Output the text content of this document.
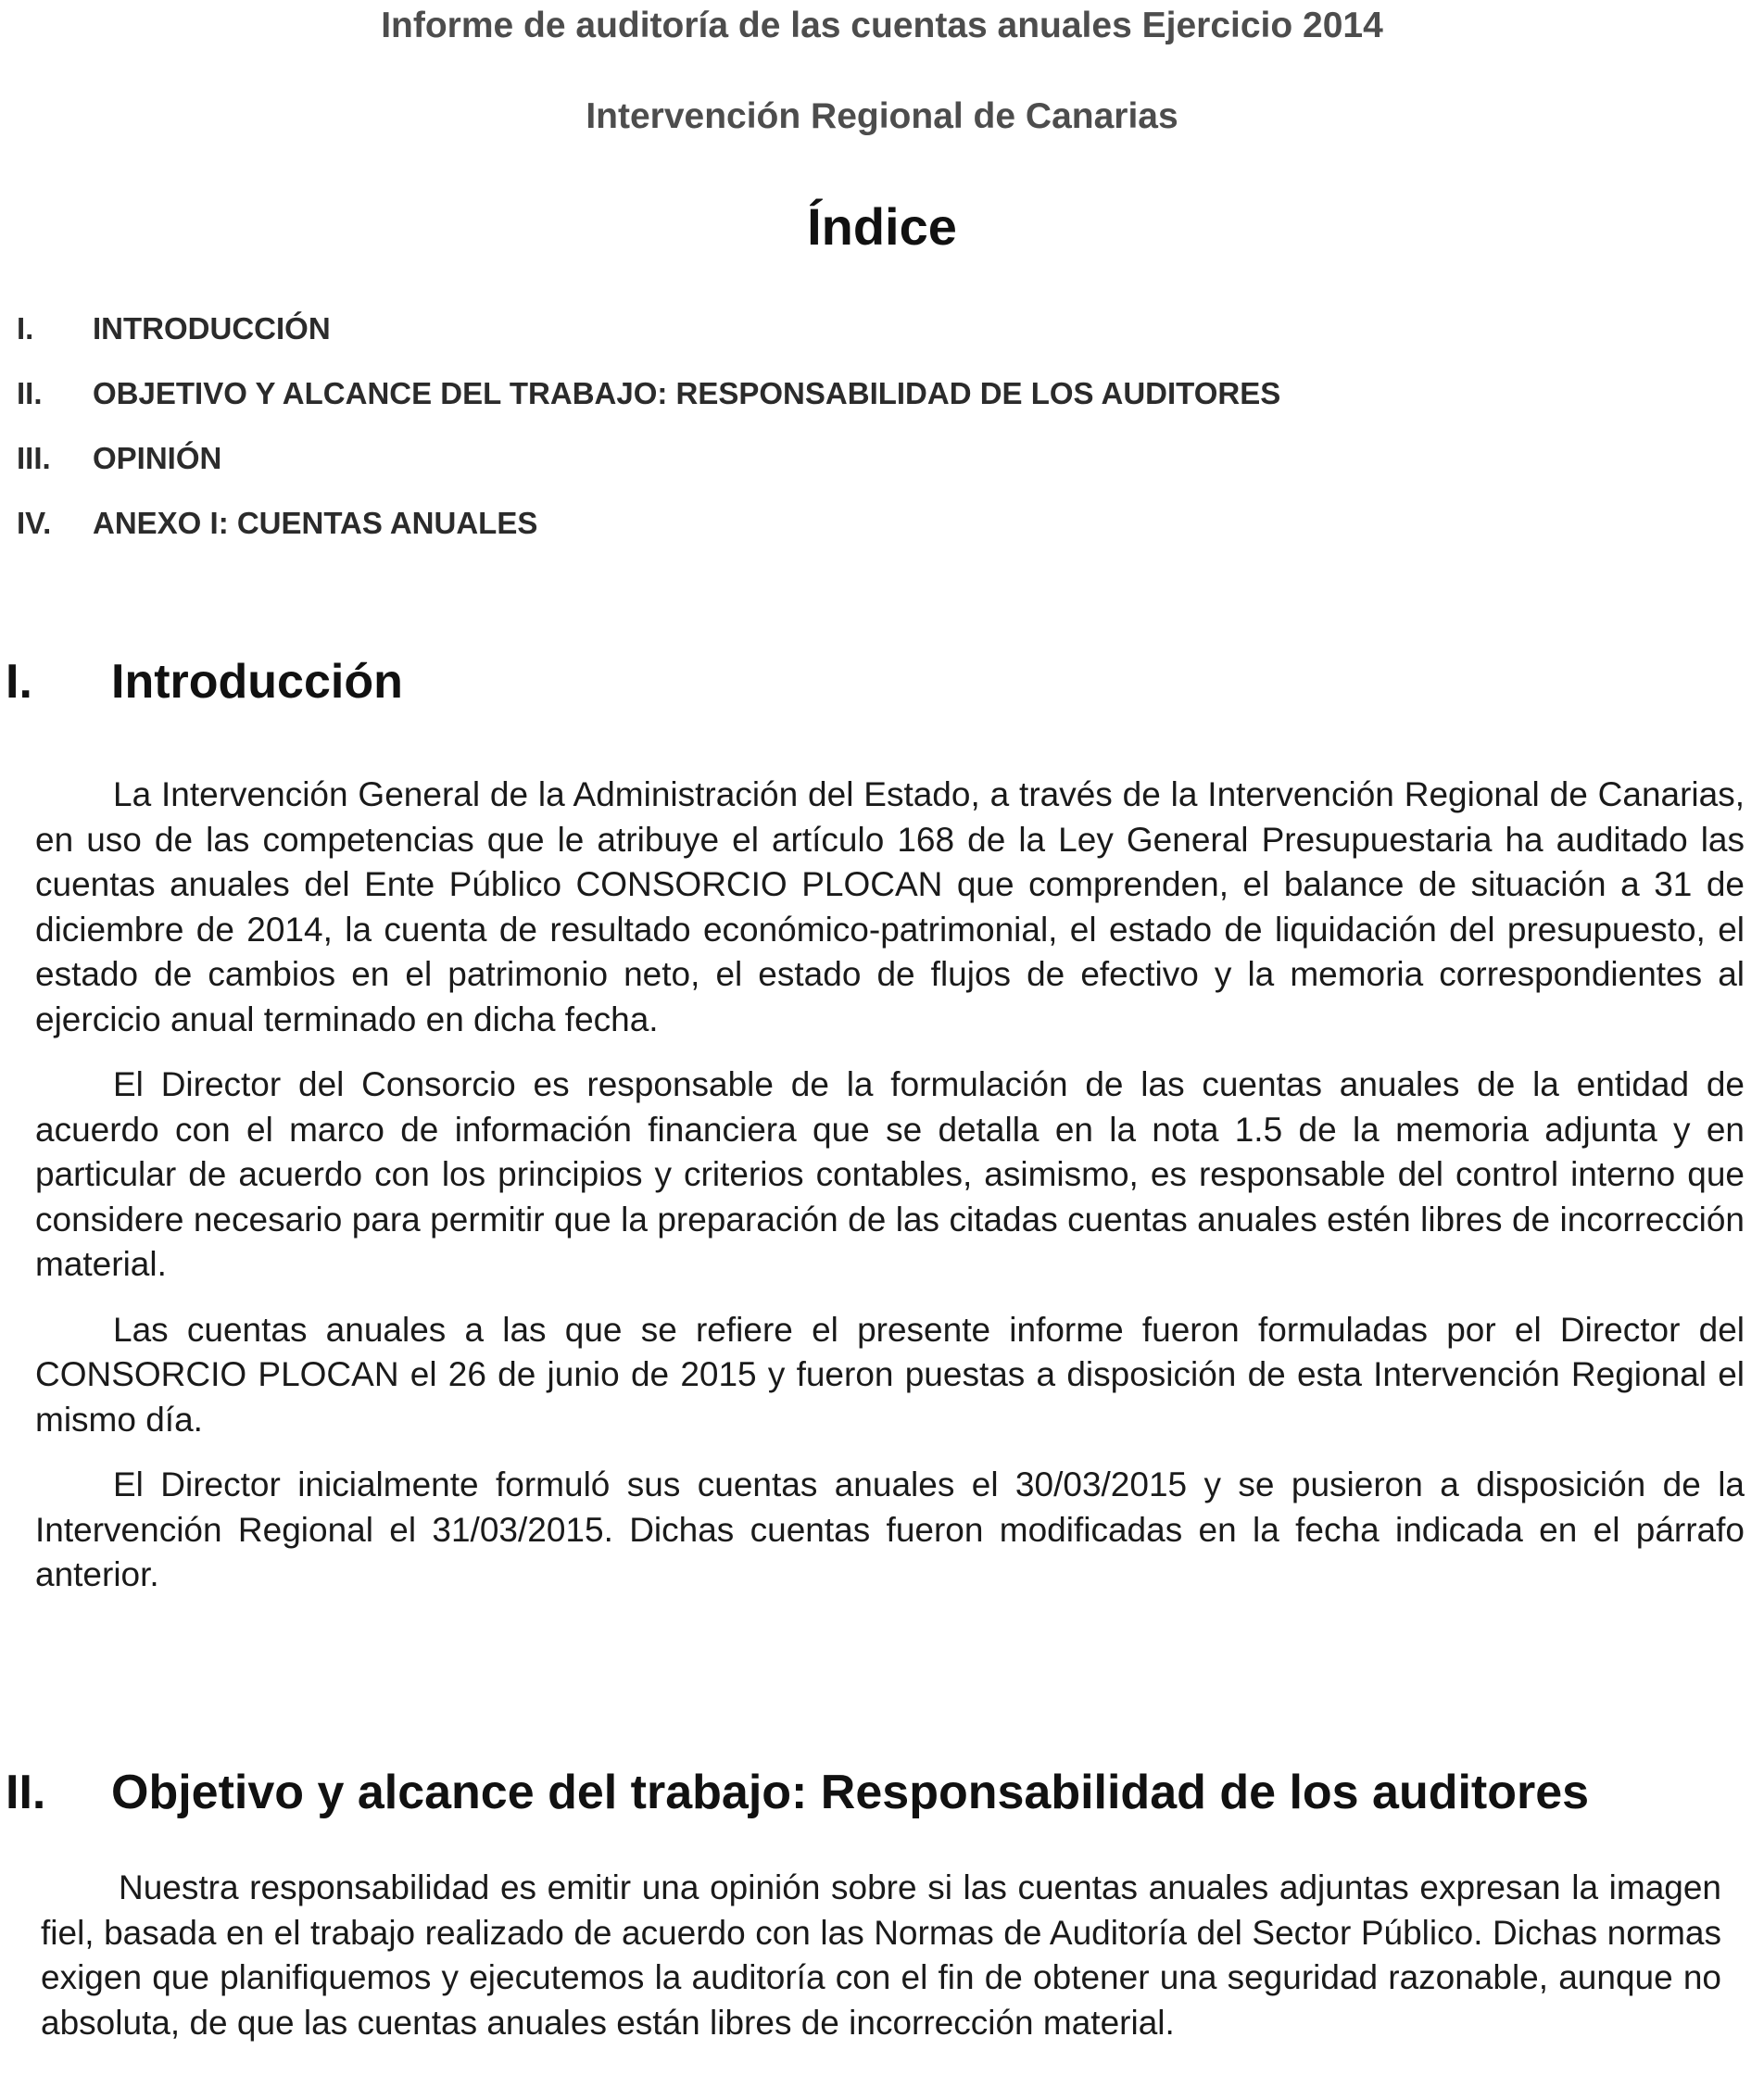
Informe de auditoría de las cuentas anuales Ejercicio 2014
Intervención Regional de Canarias
Índice
I. INTRODUCCIÓN
II. OBJETIVO Y ALCANCE DEL TRABAJO: RESPONSABILIDAD DE LOS AUDITORES
III. OPINIÓN
IV. ANEXO I: CUENTAS ANUALES
I. Introducción

La Intervención General de la Administración del Estado, a través de la Intervención Regional de Canarias, en uso de las competencias que le atribuye el artículo 168 de la Ley General Presupuestaria ha auditado las cuentas anuales del Ente Público CONSORCIO PLOCAN que comprenden, el balance de situación a 31 de diciembre de 2014, la cuenta de resultado económico-patrimonial, el estado de liquidación del presupuesto, el estado de cambios en el patrimonio neto, el estado de flujos de efectivo y la memoria correspondientes al ejercicio anual terminado en dicha fecha.

El Director del Consorcio es responsable de la formulación de las cuentas anuales de la entidad de acuerdo con el marco de información financiera que se detalla en la nota 1.5 de la memoria adjunta y en particular de acuerdo con los principios y criterios contables, asimismo, es responsable del control interno que considere necesario para permitir que la preparación de las citadas cuentas anuales estén libres de incorrección material.

Las cuentas anuales a las que se refiere el presente informe fueron formuladas por el Director del CONSORCIO PLOCAN el 26 de junio de 2015 y fueron puestas a disposición de esta Intervención Regional el mismo día.

El Director inicialmente formuló sus cuentas anuales el 30/03/2015 y se pusieron a disposición de la Intervención Regional el 31/03/2015. Dichas cuentas fueron modificadas en la fecha indicada en el párrafo anterior.

II. Objetivo y alcance del trabajo: Responsabilidad de los auditores

Nuestra responsabilidad es emitir una opinión sobre si las cuentas anuales adjuntas expresan la imagen fiel, basada en el trabajo realizado de acuerdo con las Normas de Auditoría del Sector Público. Dichas normas exigen que planifiquemos y ejecutemos la auditoría con el fin de obtener una seguridad razonable, aunque no absoluta, de que las cuentas anuales están libres de incorrección material.
